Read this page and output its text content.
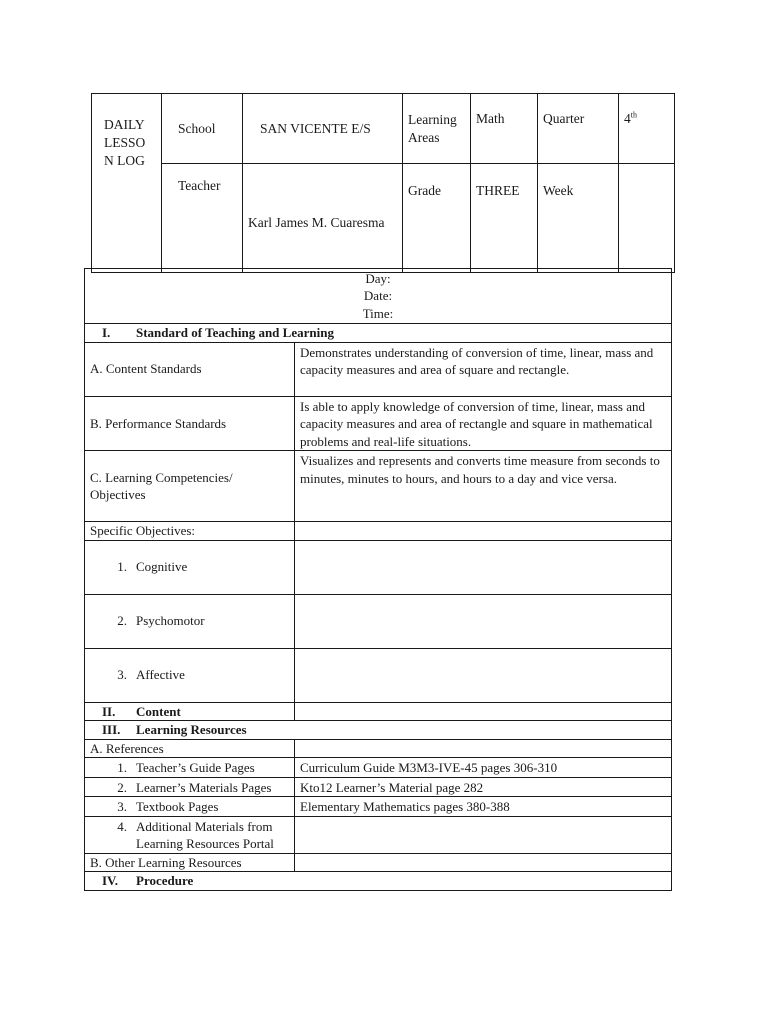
DAILY
LESSO
N LOG	School	SAN VICENTE E/S	Learning Areas	Math	Quarter	4th
	Teacher	Karl James M. Cuaresma	Grade	THREE	Week	
Day:
Date:
Time:	

I. Standard of Teaching and Learning	
A. Content Standards	Demonstrates understanding of conversion of time, linear, mass and capacity measures and area of square and rectangle.
B. Performance Standards	Is able to apply knowledge of conversion of time, linear, mass and capacity measures and area of rectangle and square in mathematical problems and real-life situations.
C. Learning Competencies/ Objectives	Visualizes and represents and converts time measure from seconds to minutes, minutes to hours, and hours to a day and vice versa.
Specific Objectives:	
1. Cognitive	
2. Psychomotor	
3. Affective	
II. Content	
III. Learning Resources	
A. References	

1. Teacher’s Guide Pages	Curriculum Guide M3M3-IVE-45 pages 306-310

2. Learner’s Materials Pages	Kto12 Learner’s Material page 282

3. Textbook Pages	Elementary Mathematics pages 380-388

4. Additional Materials from Learning Resources Portal	

B. Other Learning Resources	
IV. Procedure	
